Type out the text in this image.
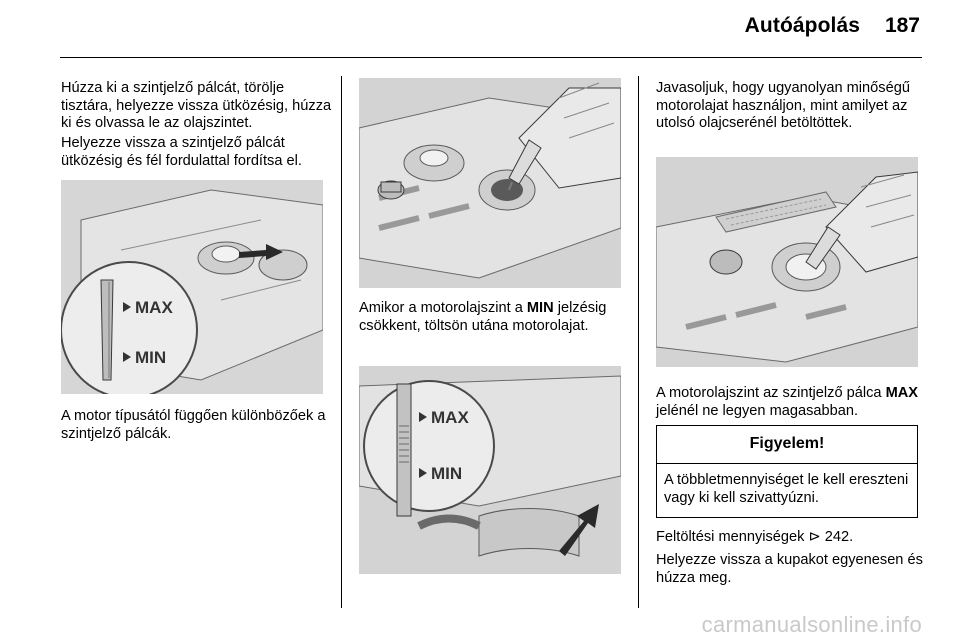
Autóápolás	187
Húzza ki a szintjelző pálcát, törölje tisztára, helyezze vissza ütközésig, húzza ki és olvassa le az olajszintet.
Helyezze vissza a szintjelző pálcát ütközésig és fél fordulattal fordítsa el.
MAX
MIN
A motor típusától függően különbözőek a szintjelző pálcák.
Amikor a motorolajszint a MIN jelzésig csökkent, töltsön utána motorolajat.
MAX
MIN
Javasoljuk, hogy ugyanolyan minőségű motorolajat használjon, mint amilyet az utolsó olajcserénél betöltöttek.
A motorolajszint az szintjelző pálca MAX jelénél ne legyen magasabban.
Figyelem!
A többletmennyiséget le kell ereszteni vagy ki kell szivattyúzni.
Feltöltési mennyiségek ⊳ 242.
Helyezze vissza a kupakot egyenesen és húzza meg.
carmanualsonline.info
